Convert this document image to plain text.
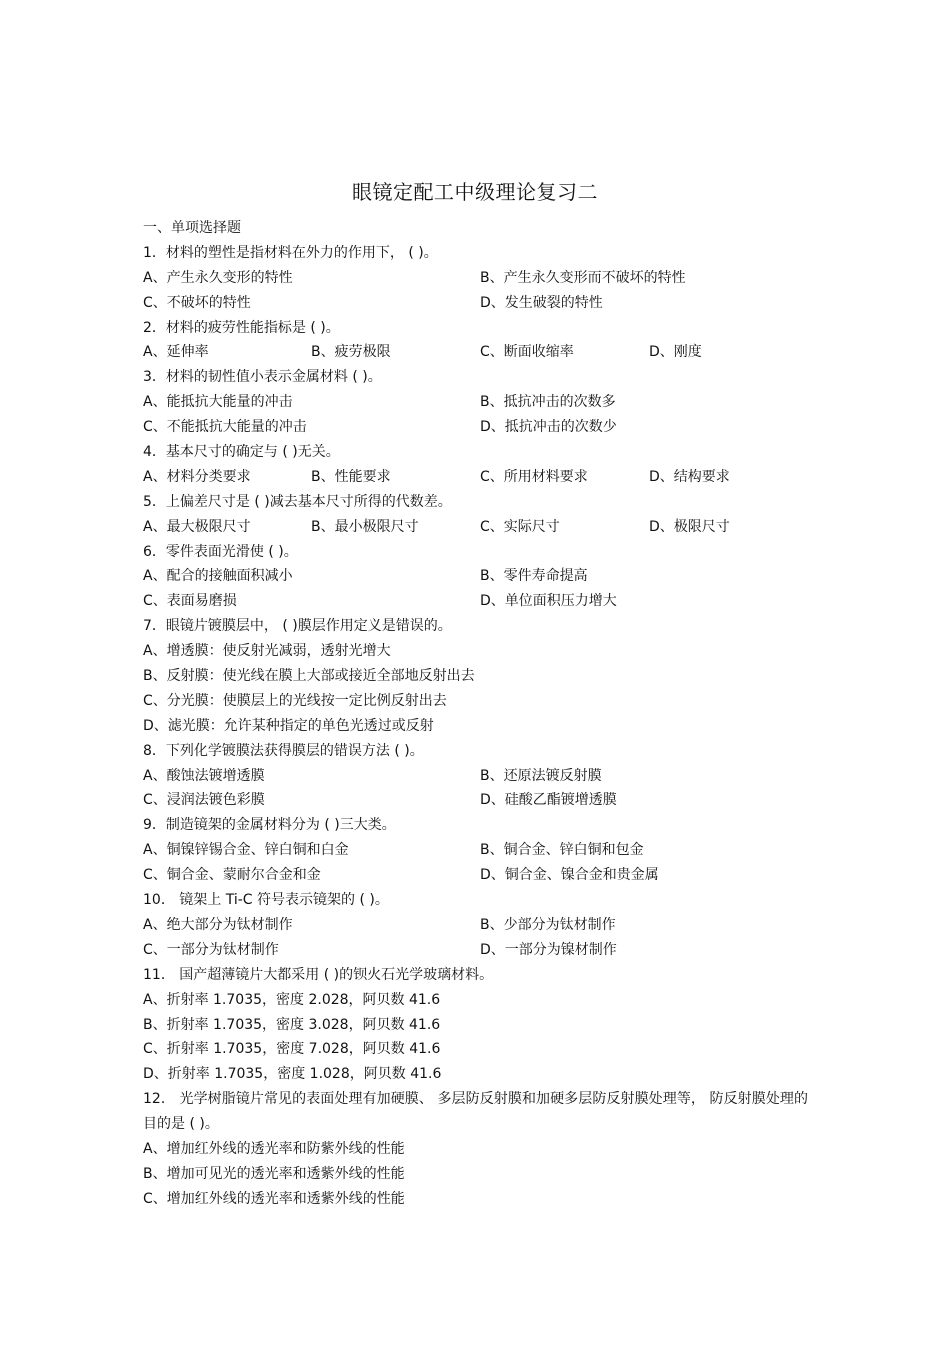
眼镜定配工中级理论复习二
一、单项选择题
1．材料的塑性是指材料在外力的作用下， ( )。
A、产生永久变形的特性	B、产生永久变形而不破坏的特性
C、不破坏的特性	D、发生破裂的特性
2．材料的疲劳性能指标是 ( )。
A、延伸率	B、疲劳极限	C、断面收缩率	D、刚度
3．材料的韧性值小表示金属材料 ( )。
A、能抵抗大能量的冲击	B、抵抗冲击的次数多
C、不能抵抗大能量的冲击	D、抵抗冲击的次数少
4．基本尺寸的确定与 ( )无关。
A、材料分类要求	B、性能要求	C、所用材料要求	D、结构要求
5．上偏差尺寸是 ( )减去基本尺寸所得的代数差。
A、最大极限尺寸	B、最小极限尺寸	C、实际尺寸	D、极限尺寸
6．零件表面光滑使 ( )。
A、配合的接触面积减小	B、零件寿命提高
C、表面易磨损	D、单位面积压力增大
7．眼镜片镀膜层中， ( )膜层作用定义是错误的。
A、增透膜：使反射光减弱，透射光增大
B、反射膜：使光线在膜上大部或接近全部地反射出去
C、分光膜：使膜层上的光线按一定比例反射出去
D、滤光膜：允许某种指定的单色光透过或反射
8．下列化学镀膜法获得膜层的错误方法 ( )。
A、酸蚀法镀增透膜	B、还原法镀反射膜
C、浸润法镀色彩膜	D、硅酸乙酯镀增透膜
9．制造镜架的金属材料分为 ( )三大类。
A、铜镍锌锡合金、锌白铜和白金	B、铜合金、锌白铜和包金
C、铜合金、蒙耐尔合金和金	D、铜合金、镍合金和贵金属
10． 镜架上 Ti-C 符号表示镜架的 ( )。
A、绝大部分为钛材制作	B、少部分为钛材制作
C、一部分为钛材制作	D、一部分为镍材制作
11． 国产超薄镜片大都采用 ( )的钡火石光学玻璃材料。
A、折射率 1.7035，密度 2.028，阿贝数 41.6
B、折射率 1.7035，密度 3.028，阿贝数 41.6
C、折射率 1.7035，密度 7.028，阿贝数 41.6
D、折射率 1.7035，密度 1.028，阿贝数 41.6
12． 光学树脂镜片常见的表面处理有加硬膜、 多层防反射膜和加硬多层防反射膜处理等， 防反射膜处理的目的是 ( )。
A、增加红外线的透光率和防紫外线的性能
B、增加可见光的透光率和透紫外线的性能
C、增加红外线的透光率和透紫外线的性能
